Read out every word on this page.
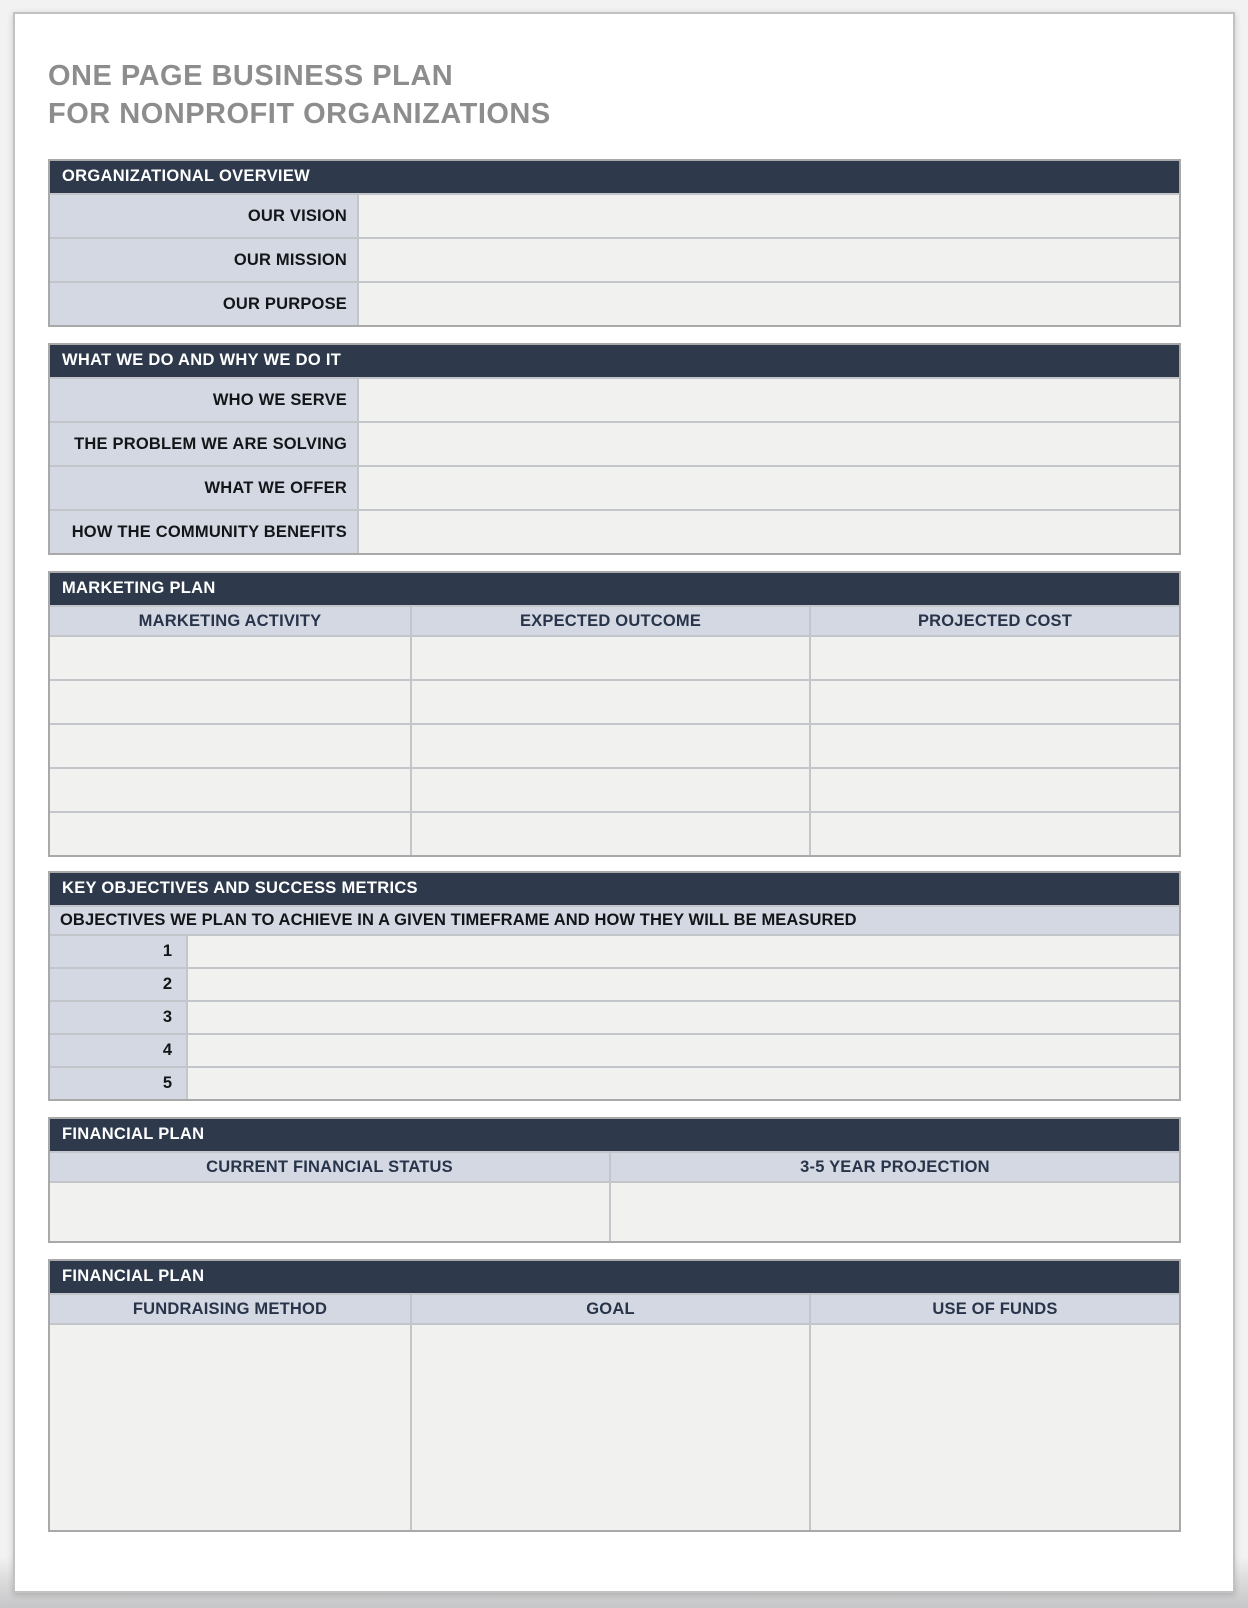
ONE PAGE BUSINESS PLAN
FOR NONPROFIT ORGANIZATIONS
ORGANIZATIONAL OVERVIEW
OUR VISION
OUR MISSION
OUR PURPOSE
WHAT WE DO AND WHY WE DO IT
WHO WE SERVE
THE PROBLEM WE ARE SOLVING
WHAT WE OFFER
HOW THE COMMUNITY BENEFITS
MARKETING PLAN
MARKETING ACTIVITY	EXPECTED OUTCOME	PROJECTED COST
KEY OBJECTIVES AND SUCCESS METRICS
OBJECTIVES WE PLAN TO ACHIEVE IN A GIVEN TIMEFRAME AND HOW THEY WILL BE MEASURED
1
2
3
4
5
FINANCIAL PLAN
CURRENT FINANCIAL STATUS	3-5 YEAR PROJECTION
FINANCIAL PLAN
FUNDRAISING METHOD	GOAL	USE OF FUNDS
